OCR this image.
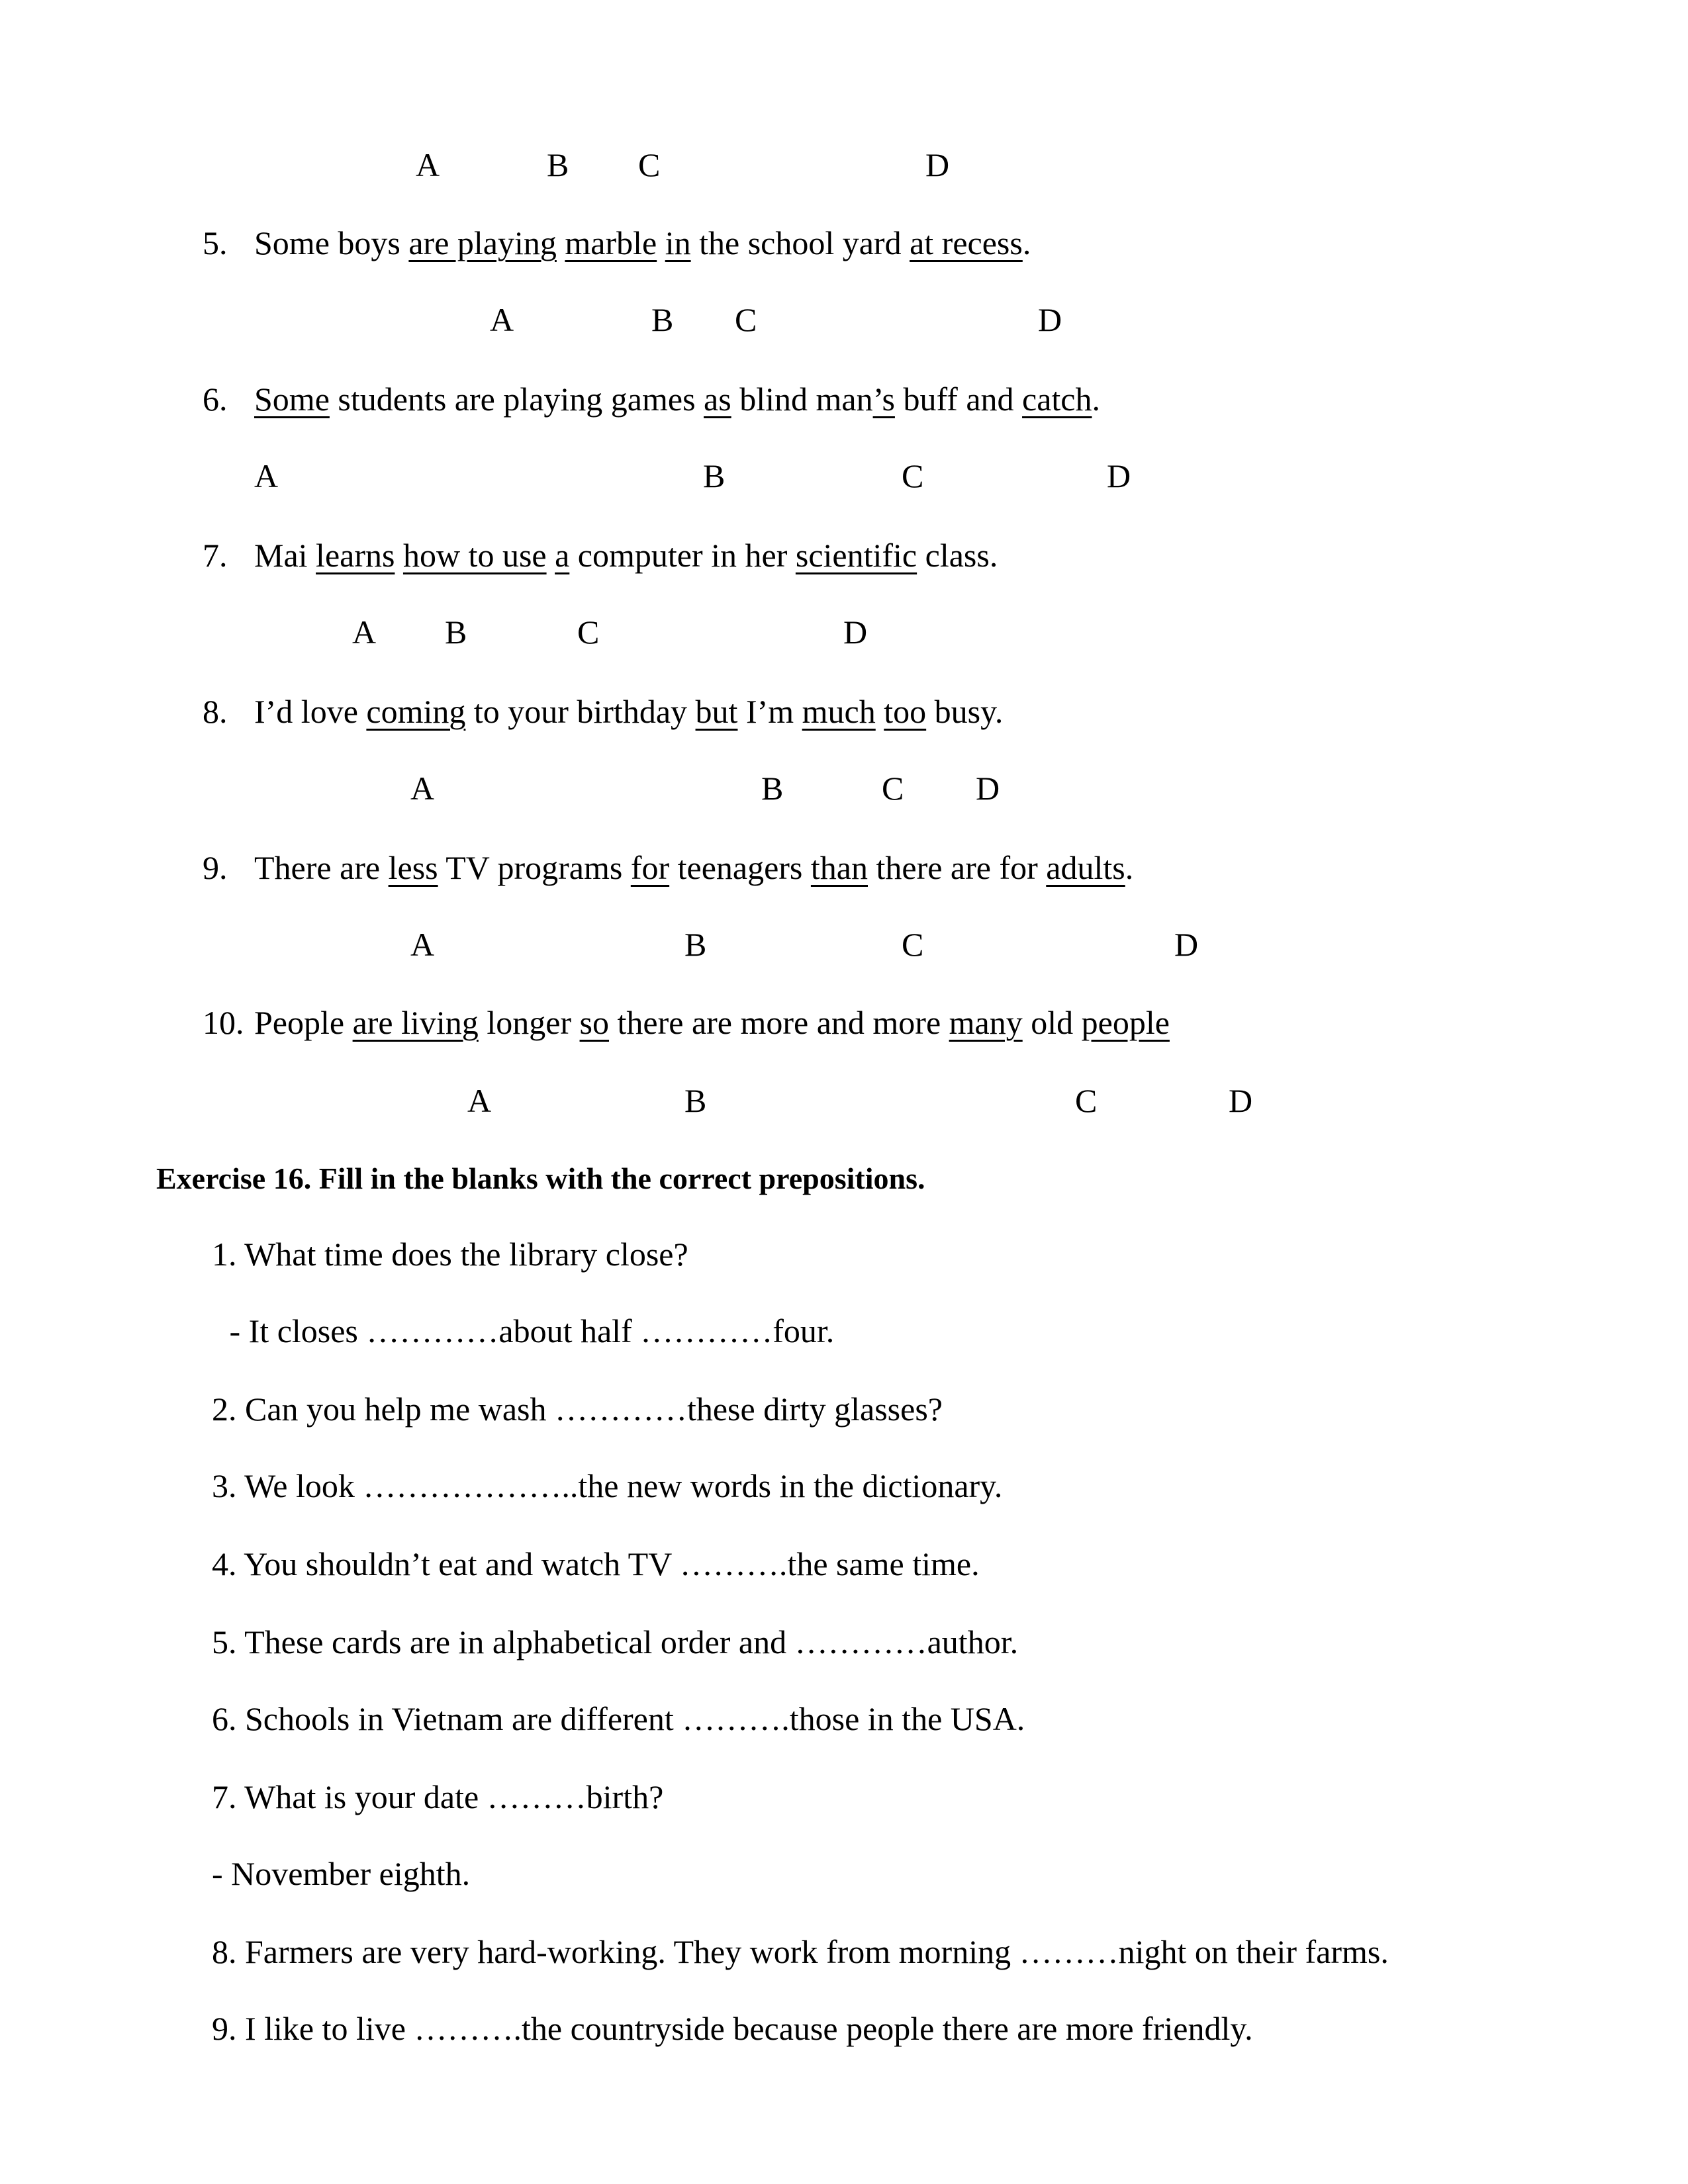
A

	B

C

	D

5. Some boys are playing marble in the school yard at recess.

A

	B

C

	D

6. Some students are playing games as blind man’s buff and catch.

A

	B

	C

	D

7. Mai learns how to use a computer in her scientific class.

A

B

	C

	D

8. I’d love coming to your birthday but I’m much too busy.

A

	B

	C

D

9. There are less TV programs for teenagers than there are for adults.

A

	B

	C

	D

10. People are living longer so there are more and more many old people

A

	B

	C

	D

Exercise 16. Fill in the blanks with the correct prepositions.
1. What time does the library close?
- It closes …………about half …………four.
2. Can you help me wash …………these dirty glasses?
3. We look ………………..the new words in the dictionary.
4. You shouldn’t eat and watch TV ……….the same time.
5. These cards are in alphabetical order and …………author.
6. Schools in Vietnam are different ……….those in the USA.
7. What is your date ………birth?
- November eighth.
8. Farmers are very hard-working. They work from morning ………night on their farms.
9. I like to live ……….the countryside because people there are more friendly.
